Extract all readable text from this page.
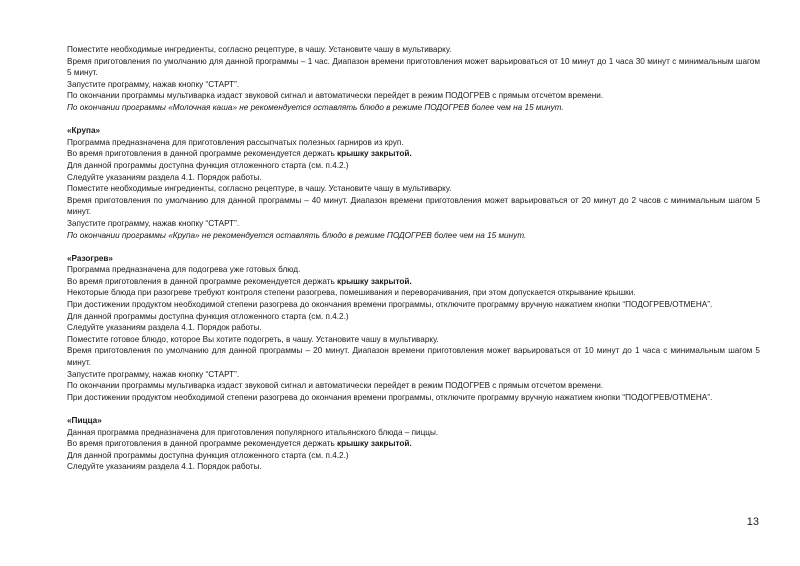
Поместите необходимые ингредиенты, согласно рецептуре, в чашу. Установите чашу в мультиварку.

Время приготовления по умолчанию для данной программы – 1 час. Диапазон времени приготовления может варьироваться от 10 минут до 1 часа 30 минут с минимальным шагом 5 минут.

Запустите программу, нажав кнопку “СТАРТ”.

По окончании программы мультиварка издаст звуковой сигнал и автоматически перейдет в режим ПОДОГРЕВ с прямым отсчетом времени.

По окончании программы «Молочная каша» не рекомендуется оставлять блюдо в режиме ПОДОГРЕВ более чем на 15 минут.

«Крупа»

Программа предназначена для приготовления рассыпчатых полезных гарниров из круп.

Во время приготовления в данной программе рекомендуется держать крышку закрытой.

Для данной программы доступна функция отложенного старта (см. п.4.2.)

Следуйте указаниям раздела 4.1. Порядок работы.

Поместите необходимые ингредиенты, согласно рецептуре, в чашу. Установите чашу в мультиварку.

Время приготовления по умолчанию для данной программы – 40 минут. Диапазон времени приготовления может варьироваться от 20 минут до 2 часов с минимальным шагом 5 минут.

Запустите программу, нажав кнопку “СТАРТ”.

По окончании программы «Крупа» не рекомендуется оставлять блюдо в режиме ПОДОГРЕВ более чем на 15 минут.

«Разогрев»

Программа предназначена для подогрева уже готовых блюд.

Во время приготовления в данной программе рекомендуется держать крышку закрытой.

Некоторые блюда при разогреве требуют контроля степени разогрева, помешивания и переворачивания, при этом допускается открывание крышки.

При достижении продуктом необходимой степени разогрева до окончания времени программы, отключите программу вручную нажатием кнопки “ПОДОГРЕВ/ОТМЕНА”.

Для данной программы доступна функция отложенного старта (см. п.4.2.)

Следуйте указаниям раздела 4.1. Порядок работы.

Поместите готовое блюдо, которое Вы хотите подогреть, в чашу. Установите чашу в мультиварку.

Время приготовления по умолчанию для данной программы – 20 минут. Диапазон времени приготовления может варьироваться от 10 минут до 1 часа с минимальным шагом 5 минут.

Запустите программу, нажав кнопку “СТАРТ”.

По окончании программы мультиварка издаст звуковой сигнал и автоматически перейдет в режим ПОДОГРЕВ с прямым отсчетом времени.

При достижении продуктом необходимой степени разогрева до окончания времени программы, отключите программу вручную нажатием кнопки “ПОДОГРЕВ/ОТМЕНА”.

«Пицца»

Данная программа предназначена для приготовления популярного итальянского блюда – пиццы.

Во время приготовления в данной программе рекомендуется держать крышку закрытой.

Для данной программы доступна функция отложенного старта (см. п.4.2.)

Следуйте указаниям раздела 4.1. Порядок работы.

13
